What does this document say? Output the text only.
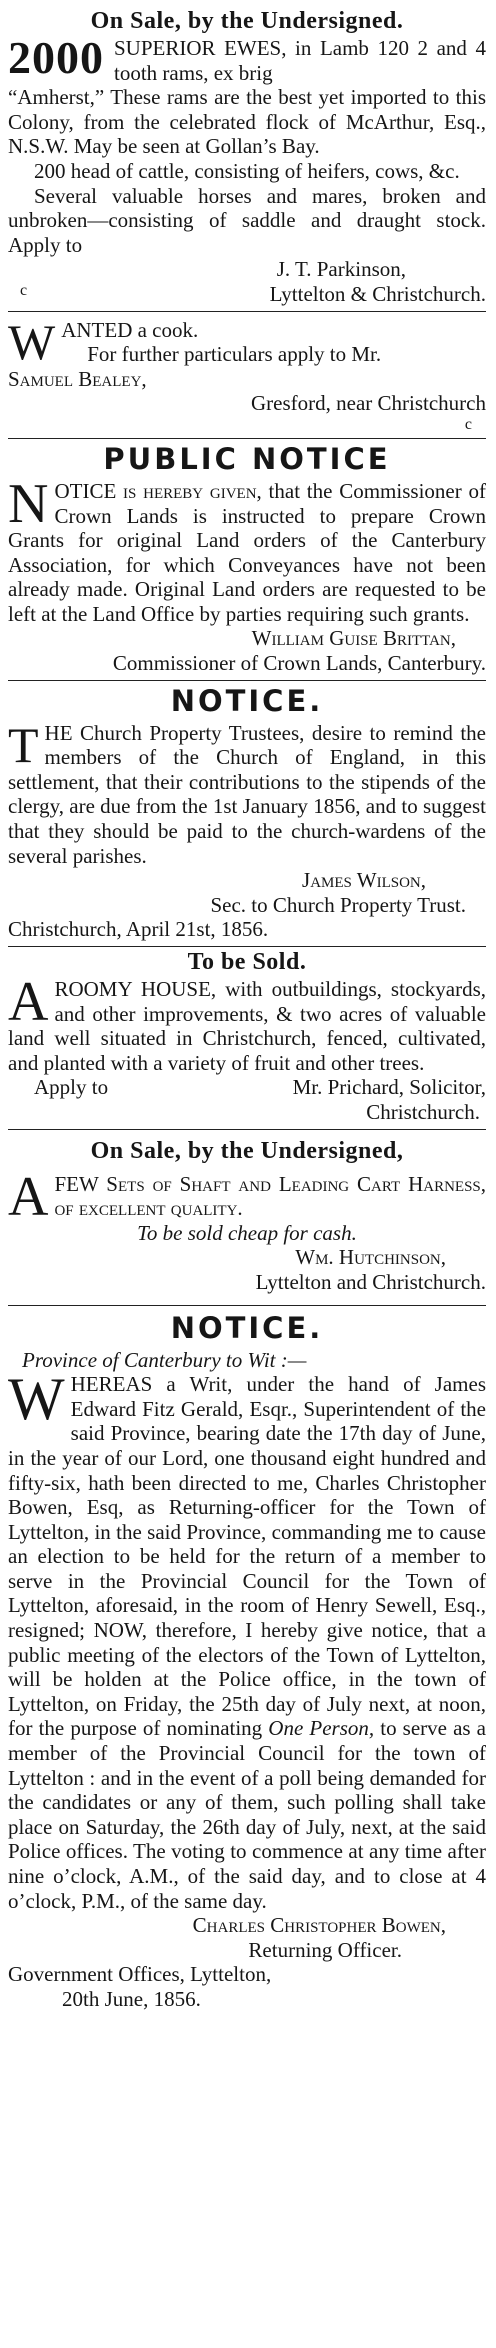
On Sale, by the Undersigned.
2000 SUPERIOR EWES, in Lamb 120 2 and 4 tooth rams, ex brig

“Amherst,” These rams are the best yet imported to this Colony, from the celebrated flock of McArthur, Esq., N.S.W. May be seen at Gollan’s Bay.

200 head of cattle, consisting of heifers, cows, &c.

Several valuable horses and mares, broken and unbroken—consisting of saddle and draught stock. Apply to

J. T. Parkinson,
c	Lyttelton & Christchurch.

WANTED a cook.

For further particulars apply to Mr.

Samuel Bealey,

Gresford, near Christchurch
c
PUBLIC NOTICE

NOTICE is hereby given, that the Commissioner of Crown Lands is instructed to prepare Crown Grants for original Land orders of the Canterbury Association, for which Conveyances have not been already made. Original Land orders are requested to be left at the Land Office by parties requiring such grants.

William Guise Brittan,
Commissioner of Crown Lands, Canterbury.
NOTICE.

THE Church Property Trustees, desire to remind the members of the Church of England, in this settlement, that their contributions to the stipends of the clergy, are due from the 1st January 1856, and to suggest that they should be paid to the church-wardens of the several parishes.

James Wilson,
Sec. to Church Property Trust.

Christchurch, April 21st, 1856.

To be Sold.

A ROOMY HOUSE, with outbuildings, stockyards, and other improvements, & two acres of valuable land well situated in Christchurch, fenced, cultivated, and planted with a variety of fruit and other trees.

Apply to	Mr. Prichard, Solicitor,
Christchurch.
On Sale, by the Undersigned,

A FEW Sets of Shaft and Leading Cart Harness, of excellent quality.

To be sold cheap for cash.

Wm. Hutchinson,
Lyttelton and Christchurch.
NOTICE.

Province of Canterbury to Wit :—

WHEREAS a Writ, under the hand of James Edward Fitz Gerald, Esqr., Superintendent of the said Province, bearing date the 17th day of June, in the year of our Lord, one thousand eight hundred and fifty-six, hath been directed to me, Charles Christopher Bowen, Esq, as Returning-officer for the Town of Lyttelton, in the said Province, commanding me to cause an election to be held for the return of a member to serve in the Provincial Council for the Town of Lyttelton, aforesaid, in the room of Henry Sewell, Esq., resigned; NOW, therefore, I hereby give notice, that a public meeting of the electors of the Town of Lyttelton, will be holden at the Police office, in the town of Lyttelton, on Friday, the 25th day of July next, at noon, for the purpose of nominating One Person, to serve as a member of the Provincial Council for the town of Lyttelton : and in the event of a poll being demanded for the candidates or any of them, such polling shall take place on Saturday, the 26th day of July, next, at the said Police offices. The voting to commence at any time after nine o’clock, A.M., of the said day, and to close at 4 o’clock, P.M., of the same day.

Charles Christopher Bowen,
Returning Officer.

Government Offices, Lyttelton,

20th June, 1856.
